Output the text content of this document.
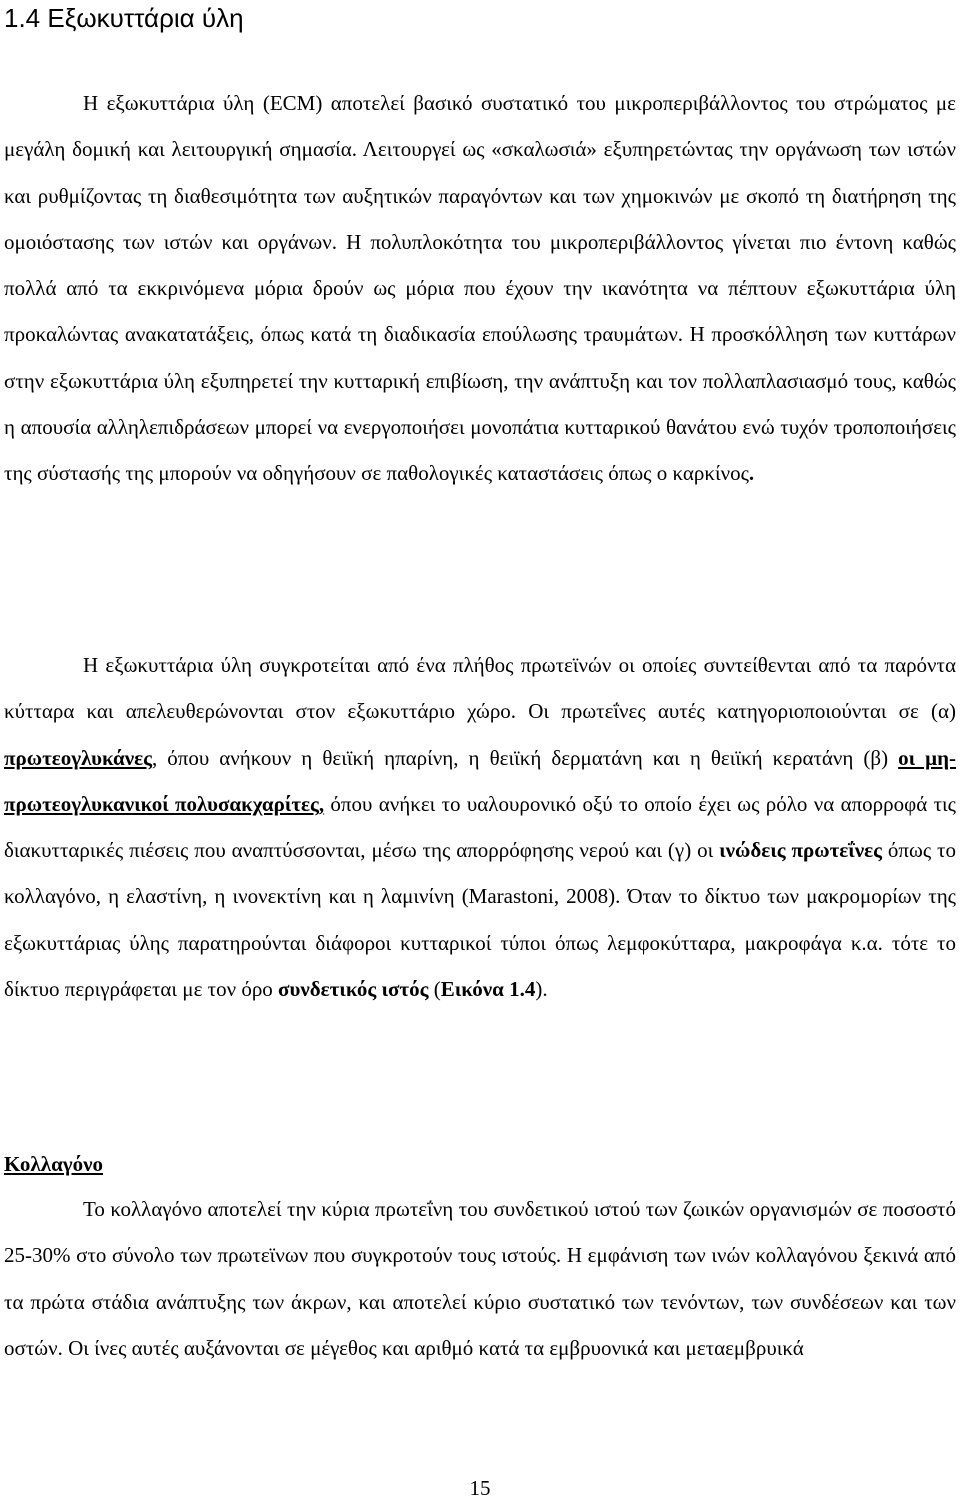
1.4 Εξωκυττάρια ύλη

Η εξωκυττάρια ύλη (ECM) αποτελεί βασικό συστατικό του μικροπεριβάλλοντος του στρώματος με μεγάλη δομική και λειτουργική σημασία. Λειτουργεί ως «σκαλωσιά» εξυπηρετώντας την οργάνωση των ιστών και ρυθμίζοντας τη διαθεσιμότητα των αυξητικών παραγόντων και των χημοκινών με σκοπό τη διατήρηση της ομοιόστασης των ιστών και οργάνων. Η πολυπλοκότητα του μικροπεριβάλλοντος γίνεται πιο έντονη καθώς πολλά από τα εκκρινόμενα μόρια δρούν ως μόρια που έχουν την ικανότητα να πέπτουν εξωκυττάρια ύλη προκαλώντας ανακατατάξεις, όπως κατά τη διαδικασία επούλωσης τραυμάτων. Η προσκόλληση των κυττάρων στην εξωκυττάρια ύλη εξυπηρετεί την κυτταρική επιβίωση, την ανάπτυξη και τον πολλαπλασιασμό τους, καθώς η απουσία αλληλεπιδράσεων μπορεί να ενεργοποιήσει μονοπάτια κυτταρικού θανάτου ενώ τυχόν τροποποιήσεις της σύστασής της μπορούν να οδηγήσουν σε παθολογικές καταστάσεις όπως ο καρκίνος.

Η εξωκυττάρια ύλη συγκροτείται από ένα πλήθος πρωτεϊνών οι οποίες συντείθενται από τα παρόντα κύτταρα και απελευθερώνονται στον εξωκυττάριο χώρο. Οι πρωτεΐνες αυτές κατηγοριοποιούνται σε (α) πρωτεογλυκάνες, όπου ανήκουν η θειϊκή ηπαρίνη, η θειϊκή δερματάνη και η θειϊκή κερατάνη (β) οι μη-πρωτεογλυκανικοί πολυσακχαρίτες, όπου ανήκει το υαλουρονικό οξύ το οποίο έχει ως ρόλο να απορροφά τις διακυτταρικές πιέσεις που αναπτύσσονται, μέσω της απορρόφησης νερού και (γ) οι ινώδεις πρωτεΐνες όπως το κολλαγόνο, η ελαστίνη, η ινονεκτίνη και η λαμινίνη (Marastoni, 2008). Όταν το δίκτυο των μακρομορίων της εξωκυττάριας ύλης παρατηρούνται διάφοροι κυτταρικοί τύποι όπως λεμφοκύτταρα, μακροφάγα κ.α. τότε το δίκτυο περιγράφεται με τον όρο συνδετικός ιστός (Εικόνα 1.4).

Κολλαγόνο

Το κολλαγόνο αποτελεί την κύρια πρωτεΐνη του συνδετικού ιστού των ζωικών οργανισμών σε ποσοστό 25-30% στο σύνολο των πρωτεϊνων που συγκροτούν τους ιστούς. Η εμφάνιση των ινών κολλαγόνου ξεκινά από τα πρώτα στάδια ανάπτυξης των άκρων, και αποτελεί κύριο συστατικό των τενόντων, των συνδέσεων και των οστών. Οι ίνες αυτές αυξάνονται σε μέγεθος και αριθμό κατά τα εμβρυονικά και μεταεμβρυικά

15
